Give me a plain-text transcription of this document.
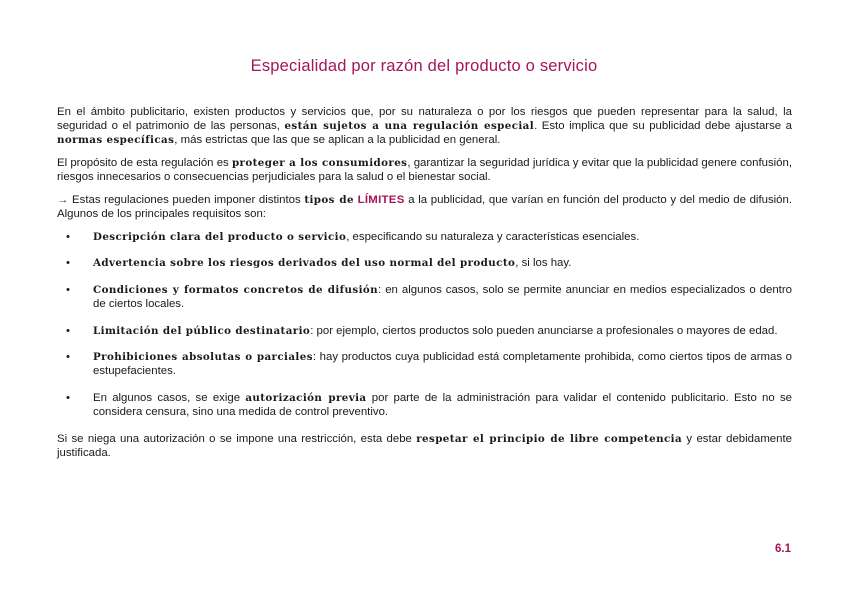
Especialidad por razón del producto o servicio

En el ámbito publicitario, existen productos y servicios que, por su naturaleza o por los riesgos que pueden representar para la salud, la seguridad o el patrimonio de las personas, están sujetos a una regulación especial. Esto implica que su publicidad debe ajustarse a normas específicas, más estrictas que las que se aplican a la publicidad en general.

El propósito de esta regulación es proteger a los consumidores, garantizar la seguridad jurídica y evitar que la publicidad genere confusión, riesgos innecesarios o consecuencias perjudiciales para la salud o el bienestar social.

→ Estas regulaciones pueden imponer distintos tipos de LÍMITES a la publicidad, que varían en función del producto y del medio de difusión. Algunos de los principales requisitos son:

• Descripción clara del producto o servicio, especificando su naturaleza y características esenciales.
• Advertencia sobre los riesgos derivados del uso normal del producto, si los hay.
• Condiciones y formatos concretos de difusión: en algunos casos, solo se permite anunciar en medios especializados o dentro de ciertos locales.
• Limitación del público destinatario: por ejemplo, ciertos productos solo pueden anunciarse a profesionales o mayores de edad.
• Prohibiciones absolutas o parciales: hay productos cuya publicidad está completamente prohibida, como ciertos tipos de armas o estupefacientes.
• En algunos casos, se exige autorización previa por parte de la administración para validar el contenido publicitario. Esto no se considera censura, sino una medida de control preventivo.

Si se niega una autorización o se impone una restricción, esta debe respetar el principio de libre competencia y estar debidamente justificada.

6.1
